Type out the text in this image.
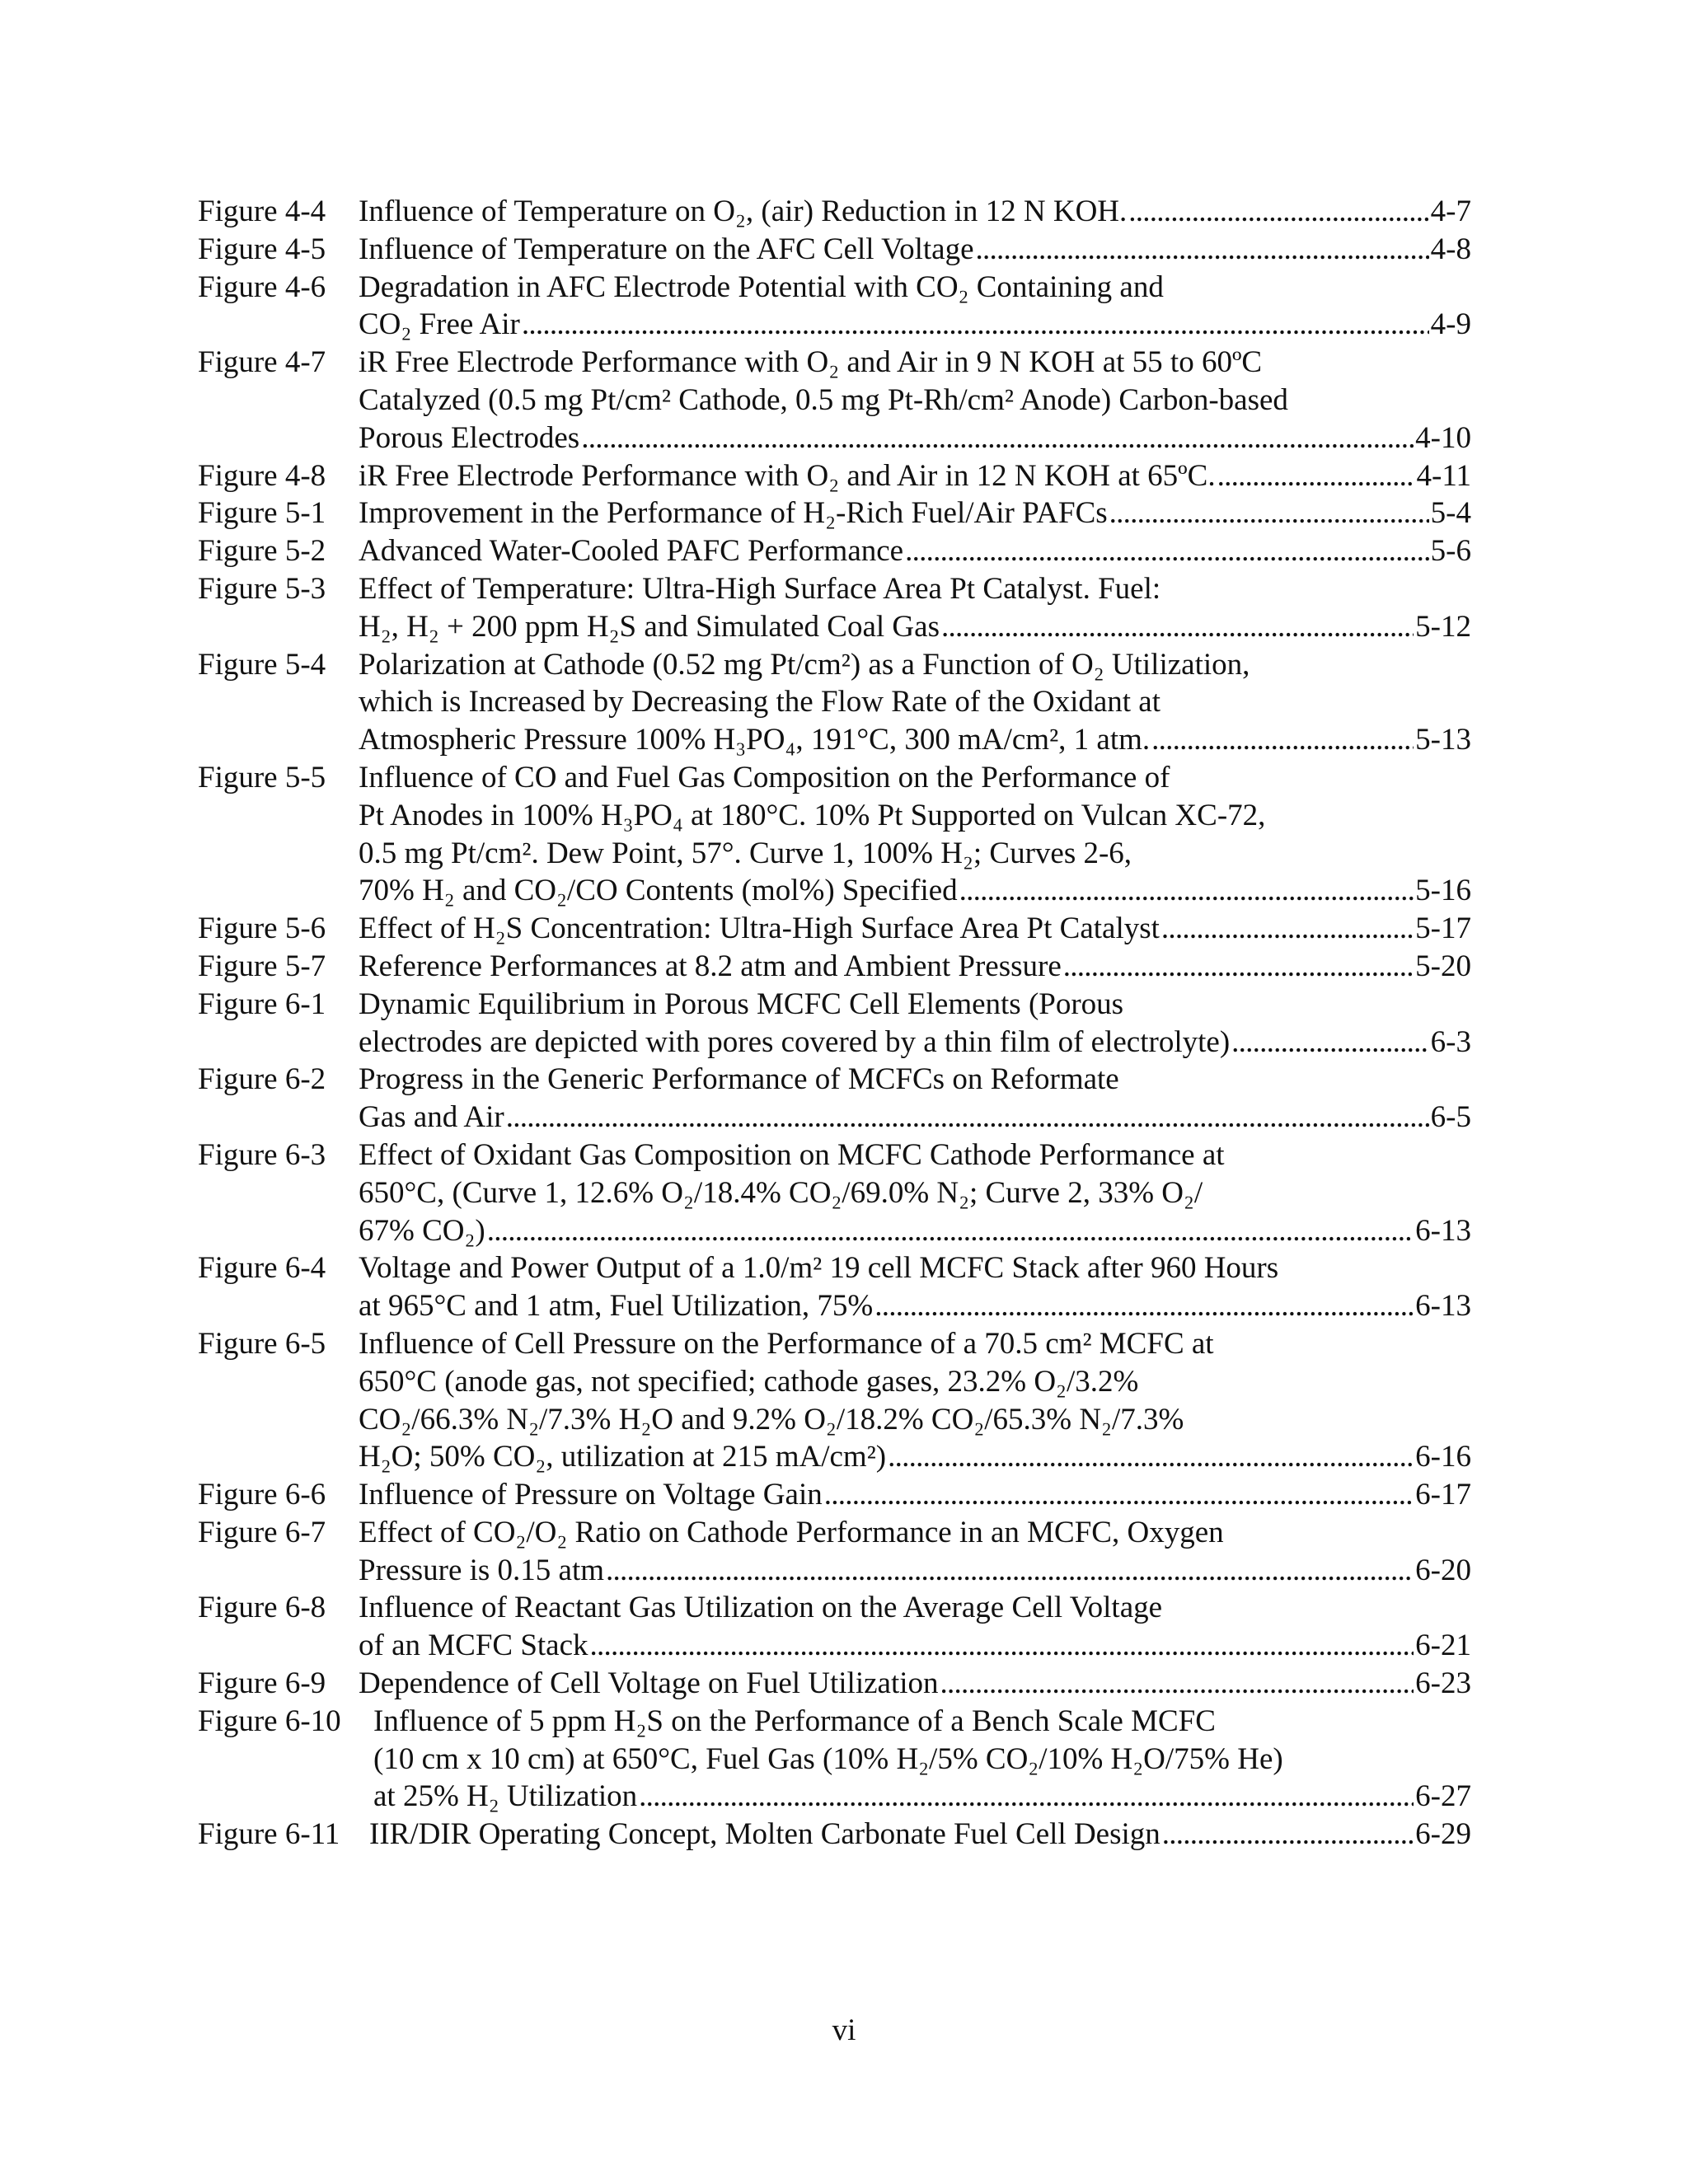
Figure 4-4 Influence of Temperature on O₂, (air) Reduction in 12 N KOH. . . .	4-7
Figure 4-5 Influence of Temperature on the AFC Cell Voltage . . .	4-8
Figure 4-6 Degradation in AFC Electrode Potential with CO₂ Containing and
CO₂ Free Air . . .	4-9
Figure 4-7 iR Free Electrode Performance with O₂ and Air in 9 N KOH at 55 to 60ºC
Catalyzed (0.5 mg Pt/cm² Cathode, 0.5 mg Pt-Rh/cm² Anode) Carbon-based
Porous Electrodes . . .	4-10
Figure 4-8 iR Free Electrode Performance with O₂ and Air in 12 N KOH at 65ºC. . . .	4-11
Figure 5-1 Improvement in the Performance of H₂-Rich Fuel/Air PAFCs . . .	5-4
Figure 5-2 Advanced Water-Cooled PAFC Performance . . .	5-6
Figure 5-3 Effect of Temperature: Ultra-High Surface Area Pt Catalyst. Fuel:
H₂, H₂ + 200 ppm H₂S and Simulated Coal Gas . . .	5-12
Figure 5-4 Polarization at Cathode (0.52 mg Pt/cm²) as a Function of O₂ Utilization,
which is Increased by Decreasing the Flow Rate of the Oxidant at
Atmospheric Pressure 100% H₃PO₄, 191°C, 300 mA/cm², 1 atm. . . .	5-13
Figure 5-5 Influence of CO and Fuel Gas Composition on the Performance of
Pt Anodes in 100% H₃PO₄ at 180°C. 10% Pt Supported on Vulcan XC-72,
0.5 mg Pt/cm². Dew Point, 57°. Curve 1, 100% H₂; Curves 2-6,
70% H₂ and CO₂/CO Contents (mol%) Specified . . .	5-16
Figure 5-6 Effect of H₂S Concentration: Ultra-High Surface Area Pt Catalyst . . .	5-17
Figure 5-7 Reference Performances at 8.2 atm and Ambient Pressure . . .	5-20
Figure 6-1 Dynamic Equilibrium in Porous MCFC Cell Elements (Porous
electrodes are depicted with pores covered by a thin film of electrolyte) . . .	6-3
Figure 6-2 Progress in the Generic Performance of MCFCs on Reformate
Gas and Air . . .	6-5
Figure 6-3 Effect of Oxidant Gas Composition on MCFC Cathode Performance at
650°C, (Curve 1, 12.6% O₂/18.4% CO₂/69.0% N₂; Curve 2, 33% O₂/
67% CO₂) . . .	6-13
Figure 6-4 Voltage and Power Output of a 1.0/m² 19 cell MCFC Stack after 960 Hours
at 965°C and 1 atm, Fuel Utilization, 75% . . .	6-13
Figure 6-5 Influence of Cell Pressure on the Performance of a 70.5 cm² MCFC at
650°C (anode gas, not specified; cathode gases, 23.2% O₂/3.2%
CO₂/66.3% N₂/7.3% H₂O and 9.2% O₂/18.2% CO₂/65.3% N₂/7.3%
H₂O; 50% CO₂, utilization at 215 mA/cm²) . . .	6-16
Figure 6-6 Influence of Pressure on Voltage Gain . . .	6-17
Figure 6-7 Effect of CO₂/O₂ Ratio on Cathode Performance in an MCFC, Oxygen
Pressure is 0.15 atm . . .	6-20
Figure 6-8 Influence of Reactant Gas Utilization on the Average Cell Voltage
of an MCFC Stack . . .	6-21
Figure 6-9 Dependence of Cell Voltage on Fuel Utilization . . .	6-23
Figure 6-10 Influence of 5 ppm H₂S on the Performance of a Bench Scale MCFC
(10 cm x 10 cm) at 650°C, Fuel Gas (10% H₂/5% CO₂/10% H₂O/75% He)
at 25% H₂ Utilization . . .	6-27
Figure 6-11 IIR/DIR Operating Concept, Molten Carbonate Fuel Cell Design . . .	6-29
vi
